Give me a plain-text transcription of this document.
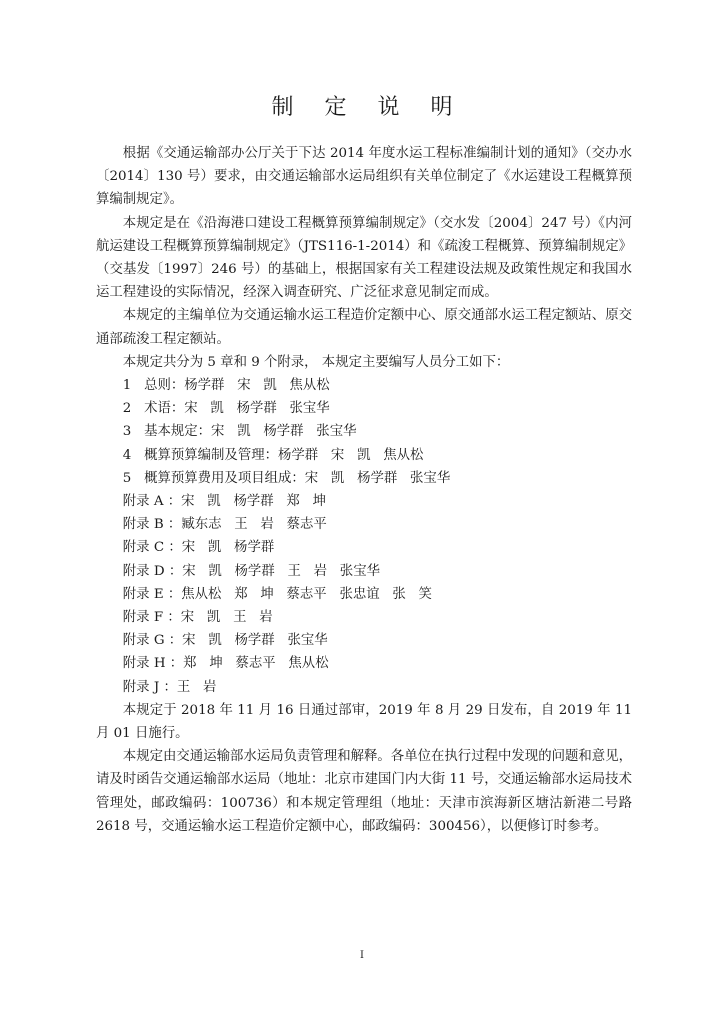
制 定 说 明

根据《交通运输部办公厅关于下达 2014 年度水运工程标准编制计划的通知》（交办水〔2014〕130 号）要求，由交通运输部水运局组织有关单位制定了《水运建设工程概算预算编制规定》。

本规定是在《沿海港口建设工程概算预算编制规定》（交水发〔2004〕247 号）《内河航运建设工程概算预算编制规定》（JTS116-1-2014）和《疏浚工程概算、预算编制规定》（交基发〔1997〕246 号）的基础上，根据国家有关工程建设法规及政策性规定和我国水运工程建设的实际情况，经深入调查研究、广泛征求意见制定而成。

本规定的主编单位为交通运输水运工程造价定额中心、原交通部水运工程定额站、原交通部疏浚工程定额站。

本规定共分为 5 章和 9 个附录， 本规定主要编写人员分工如下：

1   总则：杨学群   宋   凯   焦从松

2   术语：宋   凯   杨学群   张宝华

3   基本规定：宋   凯   杨学群   张宝华

4   概算预算编制及管理：杨学群   宋   凯   焦从松

5   概算预算费用及项目组成：宋   凯   杨学群   张宝华

附录 A ：宋   凯   杨学群   郑   坤

附录 B ：臧东志   王   岩   蔡志平

附录 C ：宋   凯   杨学群

附录 D ：宋   凯   杨学群   王   岩   张宝华

附录 E ：焦从松   郑   坤   蔡志平   张忠谊   张   笑

附录 F ：宋   凯   王   岩

附录 G ：宋   凯   杨学群   张宝华

附录 H ：郑   坤   蔡志平   焦从松

附录 J ：王   岩

本规定于 2018 年 11 月 16 日通过部审，2019 年 8 月 29 日发布，自 2019 年 11 月 01 日施行。

本规定由交通运输部水运局负责管理和解释。各单位在执行过程中发现的问题和意见，请及时函告交通运输部水运局（地址：北京市建国门内大街 11 号，交通运输部水运局技术管理处，邮政编码：100736）和本规定管理组（地址：天津市滨海新区塘沽新港二号路 2618 号，交通运输水运工程造价定额中心，邮政编码：300456），以便修订时参考。

I
